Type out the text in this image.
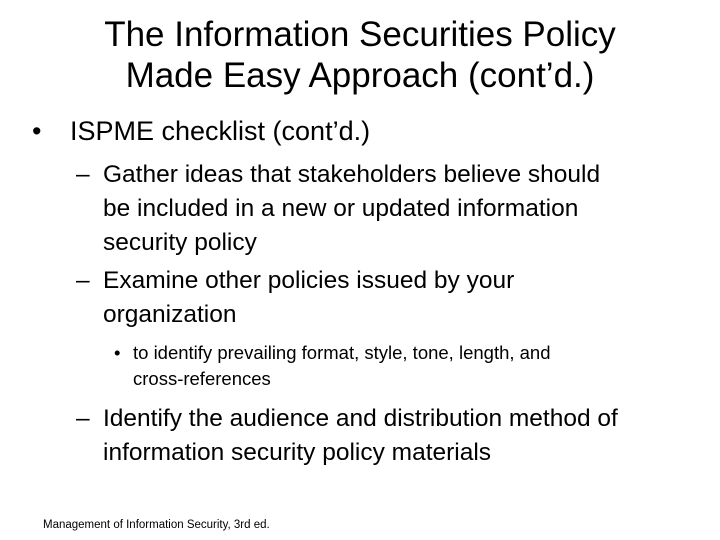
The Information Securities Policy
Made Easy Approach (cont’d.)
• ISPME checklist (cont’d.)
– Gather ideas that stakeholders believe should
be included in a new or updated information
security policy
– Examine other policies issued by your
organization
• to identify prevailing format, style, tone, length, and
cross-references
– Identify the audience and distribution method of
information security policy materials
Management of Information Security, 3rd ed.
